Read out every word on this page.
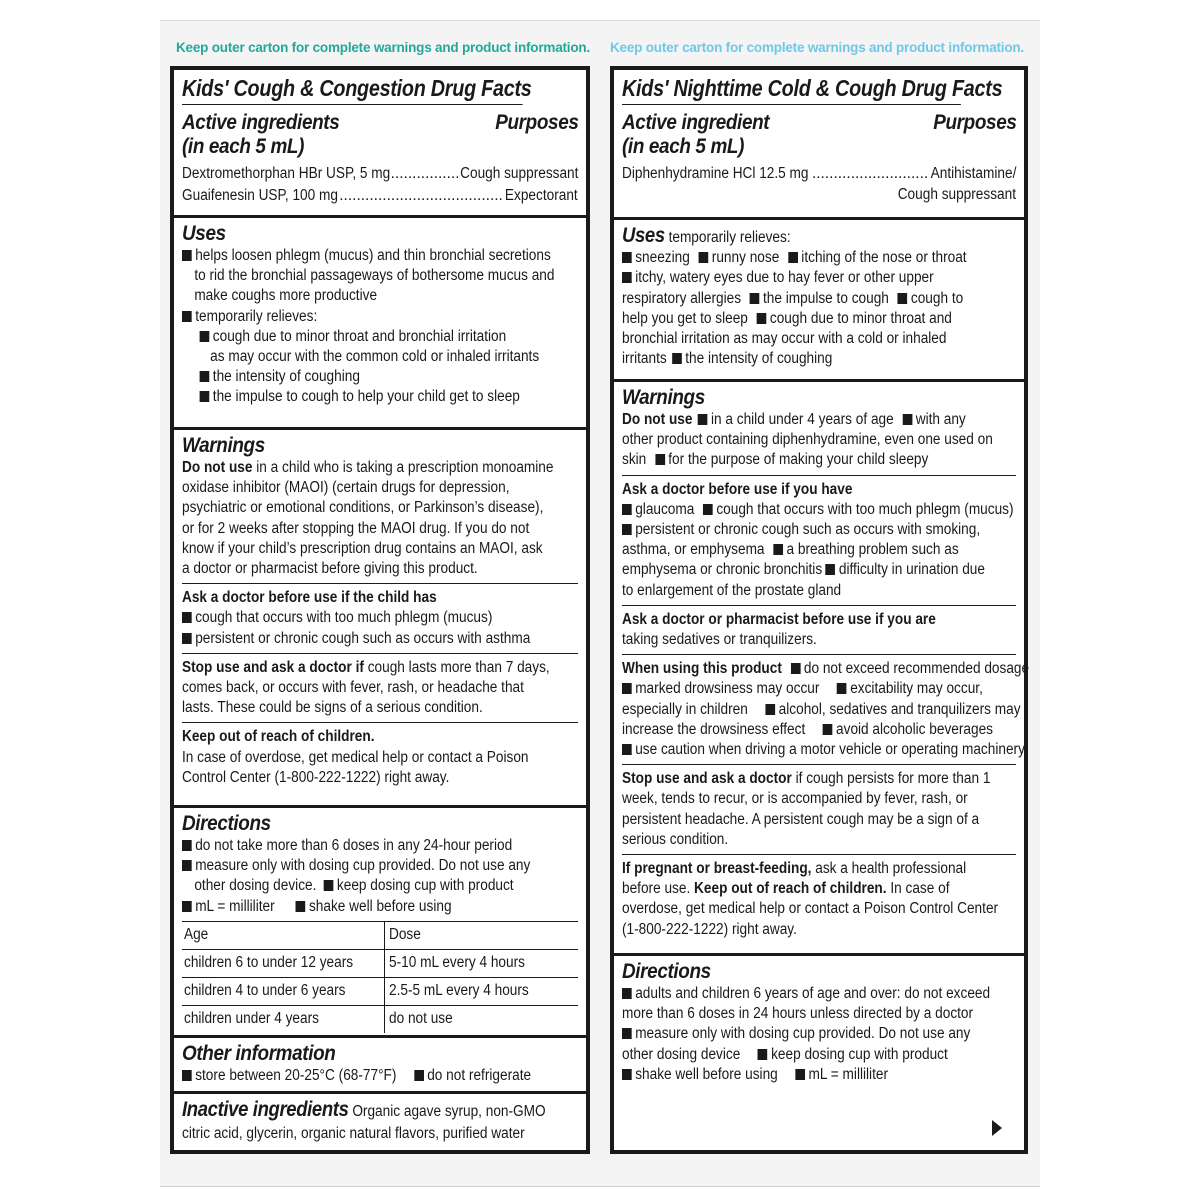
Keep outer carton for complete warnings and product information. Keep outer carton for complete warnings and product information.
Kids' Cough & Congestion Drug Facts
Active ingredients
(in each 5 mL)
Purposes
Dextromethorphan HBr USP, 5 mg .....	Cough suppressant
Guaifenesin USP, 100 mg .....	Expectorant
Uses
helps loosen phlegm (mucus) and thin bronchial secretions
to rid the bronchial passageways of bothersome mucus and
make coughs more productive
temporarily relieves:
cough due to minor throat and bronchial irritation
as may occur with the common cold or inhaled irritants
the intensity of coughing
the impulse to cough to help your child get to sleep
Warnings
Do not use in a child who is taking a prescription monoamine
oxidase inhibitor (MAOI) (certain drugs for depression,
psychiatric or emotional conditions, or Parkinson’s disease),
or for 2 weeks after stopping the MAOI drug. If you do not
know if your child’s prescription drug contains an MAOI, ask
a doctor or pharmacist before giving this product.
Ask a doctor before use if the child has
cough that occurs with too much phlegm (mucus)
persistent or chronic cough such as occurs with asthma
Stop use and ask a doctor if cough lasts more than 7 days,
comes back, or occurs with fever, rash, or headache that
lasts. These could be signs of a serious condition.
Keep out of reach of children.
In case of overdose, get medical help or contact a Poison
Control Center (1-800-222-1222) right away.
Directions
do not take more than 6 doses in any 24-hour period
measure only with dosing cup provided. Do not use any
other dosing device. keep dosing cup with product
mL = milliliter shake well before using
Age	Dose
children 6 to under 12 years	5-10 mL every 4 hours
children 4 to under 6 years	2.5-5 mL every 4 hours
children under 4 years	do not use
Other information
store between 20-25°C (68-77°F) do not refrigerate
Inactive ingredients Organic agave syrup, non-GMO
citric acid, glycerin, organic natural flavors, purified water
Kids' Nighttime Cold & Cough Drug Facts
Active ingredient
(in each 5 mL)
Purposes
Diphenhydramine HCl 12.5 mg .....	Antihistamine/
Cough suppressant
Uses temporarily relieves:
sneezing runny nose itching of the nose or throat
itchy, watery eyes due to hay fever or other upper
respiratory allergies the impulse to cough cough to
help you get to sleep cough due to minor throat and
bronchial irritation as may occur with a cold or inhaled
irritants the intensity of coughing
Warnings
Do not use in a child under 4 years of age with any
other product containing diphenhydramine, even one used on
skin for the purpose of making your child sleepy
Ask a doctor before use if you have
glaucoma cough that occurs with too much phlegm (mucus)
persistent or chronic cough such as occurs with smoking,
asthma, or emphysema a breathing problem such as
emphysema or chronic bronchitis difficulty in urination due
to enlargement of the prostate gland
Ask a doctor or pharmacist before use if you are
taking sedatives or tranquilizers.
When using this product do not exceed recommended dosage
marked drowsiness may occur excitability may occur,
especially in children alcohol, sedatives and tranquilizers may
increase the drowsiness effect avoid alcoholic beverages
use caution when driving a motor vehicle or operating machinery
Stop use and ask a doctor if cough persists for more than 1
week, tends to recur, or is accompanied by fever, rash, or
persistent headache. A persistent cough may be a sign of a
serious condition.
If pregnant or breast-feeding, ask a health professional
before use. Keep out of reach of children. In case of
overdose, get medical help or contact a Poison Control Center
(1-800-222-1222) right away.
Directions
adults and children 6 years of age and over: do not exceed
more than 6 doses in 24 hours unless directed by a doctor
measure only with dosing cup provided. Do not use any
other dosing device keep dosing cup with product
shake well before using mL = milliliter
